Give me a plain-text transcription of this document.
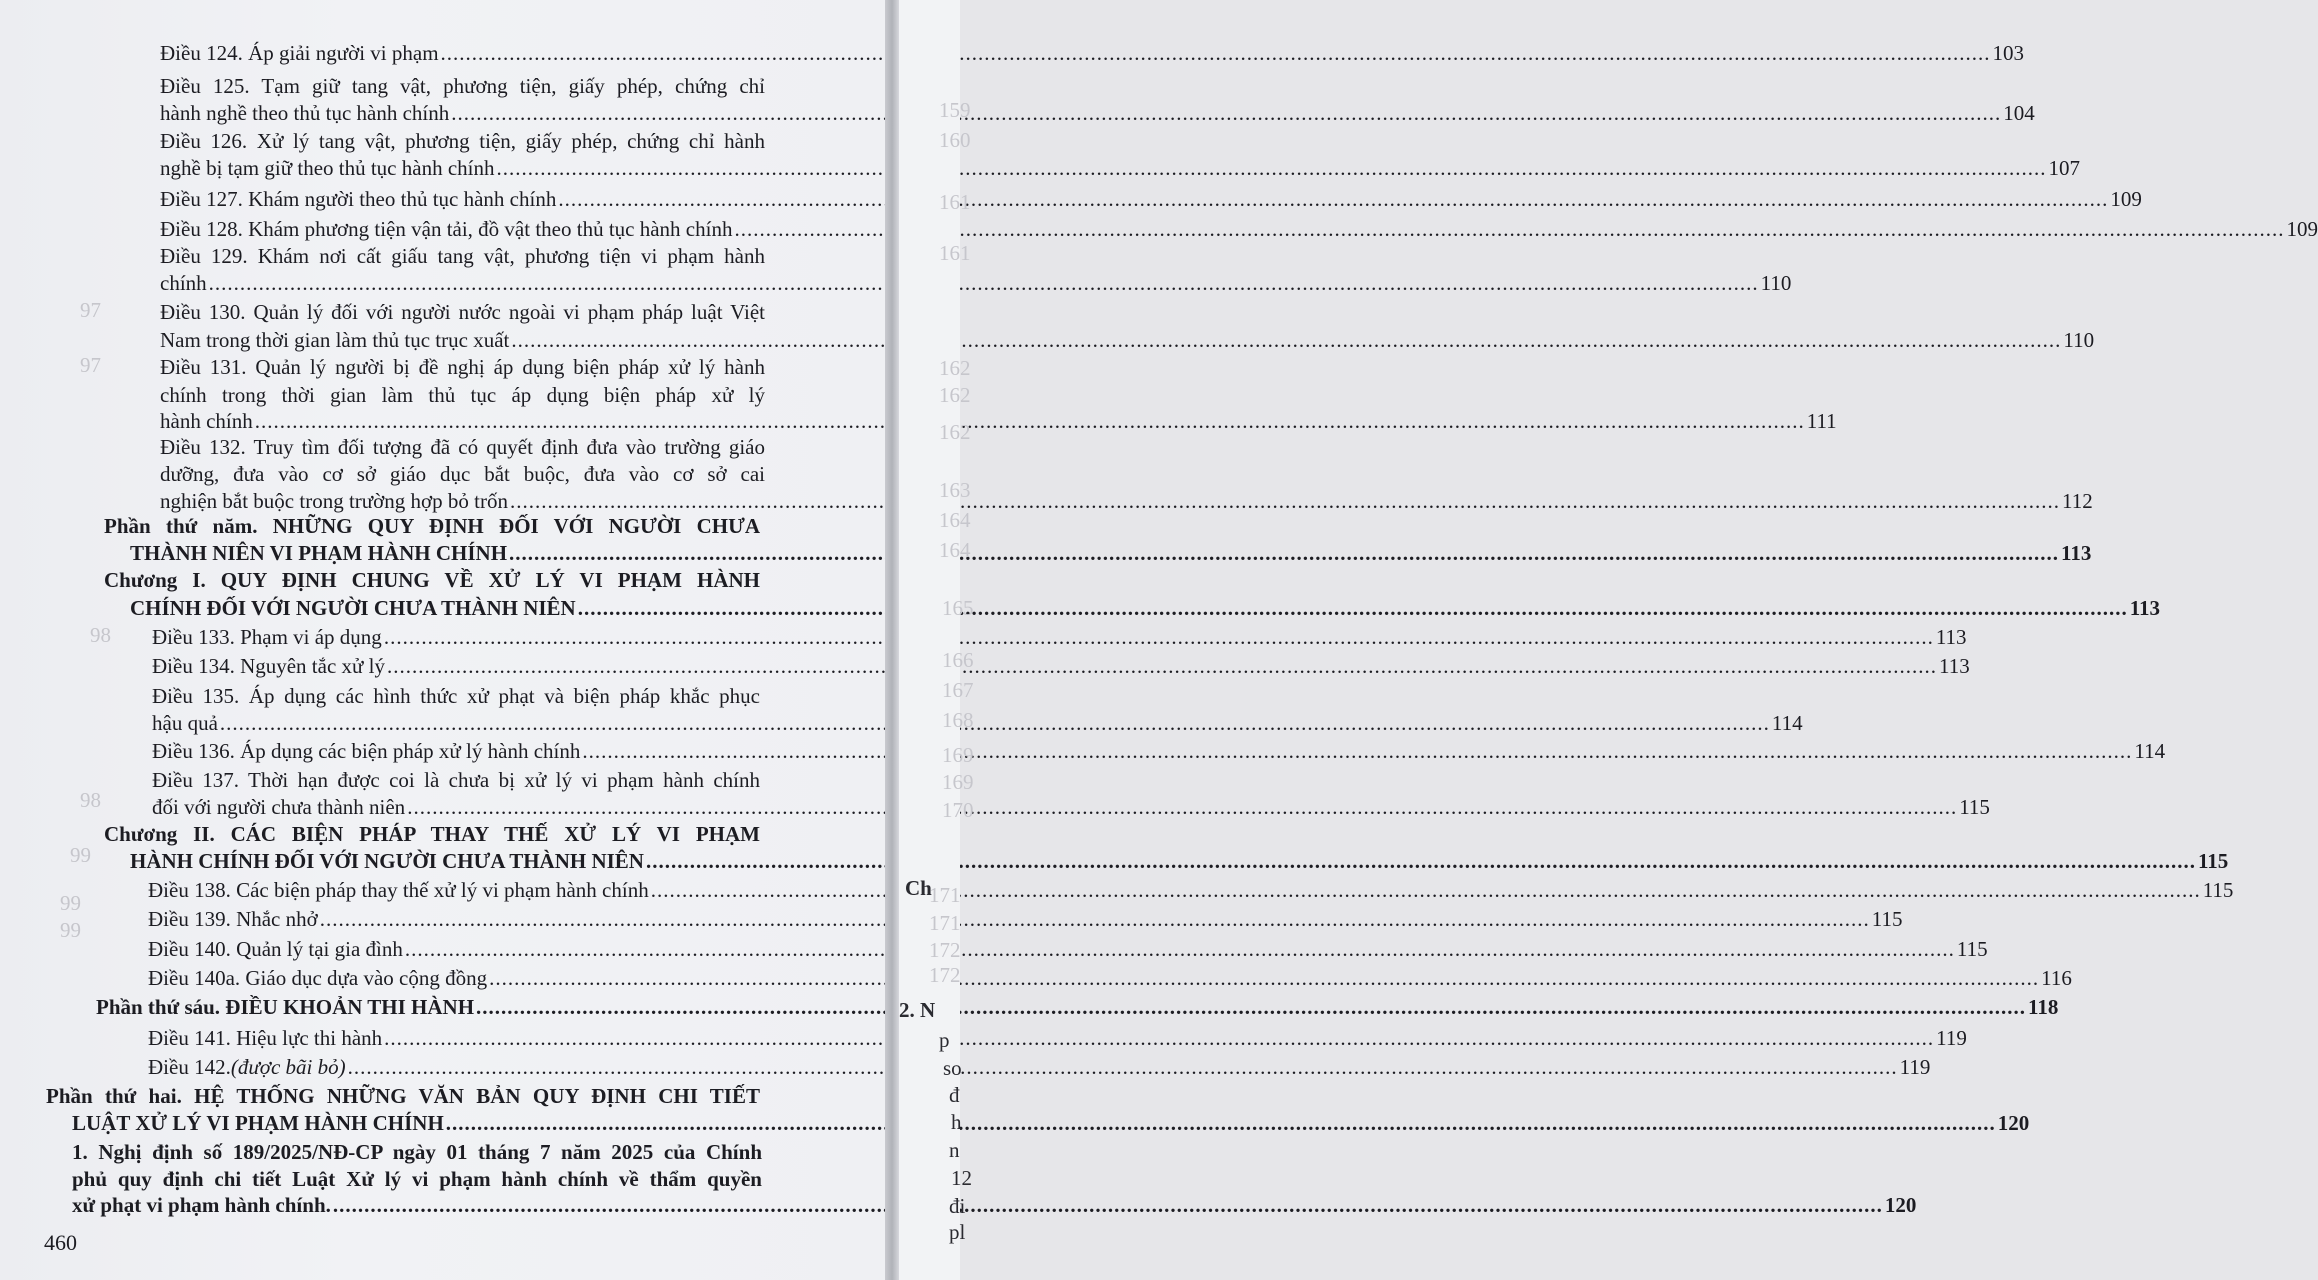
97
97
98
98
99
99
99
Điều 124. Áp giải người vi phạm .....	103
Điều 125. Tạm giữ tang vật, phương tiện, giấy phép, chứng chỉ
hành nghề theo thủ tục hành chính .....	104
Điều 126. Xử lý tang vật, phương tiện, giấy phép, chứng chỉ hành
nghề bị tạm giữ theo thủ tục hành chính .....	107
Điều 127. Khám người theo thủ tục hành chính .....	109
Điều 128. Khám phương tiện vận tải, đồ vật theo thủ tục hành chính .....	109
Điều 129. Khám nơi cất giấu tang vật, phương tiện vi phạm hành
chính .....	110
Điều 130. Quản lý đối với người nước ngoài vi phạm pháp luật Việt
Nam trong thời gian làm thủ tục trục xuất .....	110
Điều 131. Quản lý người bị đề nghị áp dụng biện pháp xử lý hành
chính trong thời gian làm thủ tục áp dụng biện pháp xử lý
hành chính .....	111
Điều 132. Truy tìm đối tượng đã có quyết định đưa vào trường giáo
dưỡng, đưa vào cơ sở giáo dục bắt buộc, đưa vào cơ sở cai
nghiện bắt buộc trong trường hợp bỏ trốn .....	112
Phần thứ năm. NHỮNG QUY ĐỊNH ĐỐI VỚI NGƯỜI CHƯA
THÀNH NIÊN VI PHẠM HÀNH CHÍNH .....	113
Chương I. QUY ĐỊNH CHUNG VỀ XỬ LÝ VI PHẠM HÀNH
CHÍNH ĐỐI VỚI NGƯỜI CHƯA THÀNH NIÊN .....	113
Điều 133. Phạm vi áp dụng .....	113
Điều 134. Nguyên tắc xử lý .....	113
Điều 135. Áp dụng các hình thức xử phạt và biện pháp khắc phục
hậu quả .....	114
Điều 136. Áp dụng các biện pháp xử lý hành chính .....	114
Điều 137. Thời hạn được coi là chưa bị xử lý vi phạm hành chính
đối với người chưa thành niên .....	115
Chương II. CÁC BIỆN PHÁP THAY THẾ XỬ LÝ VI PHẠM
HÀNH CHÍNH ĐỐI VỚI NGƯỜI CHƯA THÀNH NIÊN .....	115
Điều 138. Các biện pháp thay thế xử lý vi phạm hành chính .....	115
Điều 139. Nhắc nhở .....	115
Điều 140. Quản lý tại gia đình .....	115
Điều 140a. Giáo dục dựa vào cộng đồng .....	116
Phần thứ sáu. ĐIỀU KHOẢN THI HÀNH .....	118
Điều 141. Hiệu lực thi hành .....	119
Điều 142. (được bãi bỏ) .....	119
Phần thứ hai. HỆ THỐNG NHỮNG VĂN BẢN QUY ĐỊNH CHI TIẾT
LUẬT XỬ LÝ VI PHẠM HÀNH CHÍNH .....	120
1. Nghị định số 189/2025/NĐ-CP ngày 01 tháng 7 năm 2025 của Chính
phủ quy định chi tiết Luật Xử lý vi phạm hành chính về thẩm quyền
xử phạt vi phạm hành chính. .....	120
460
Ch
2. N
p
so
đ
h
n
12
đi
pl
159
160
161
161
162
162
162
163
164
164
165
166
167
168
169
169
170
171
171
172
172
